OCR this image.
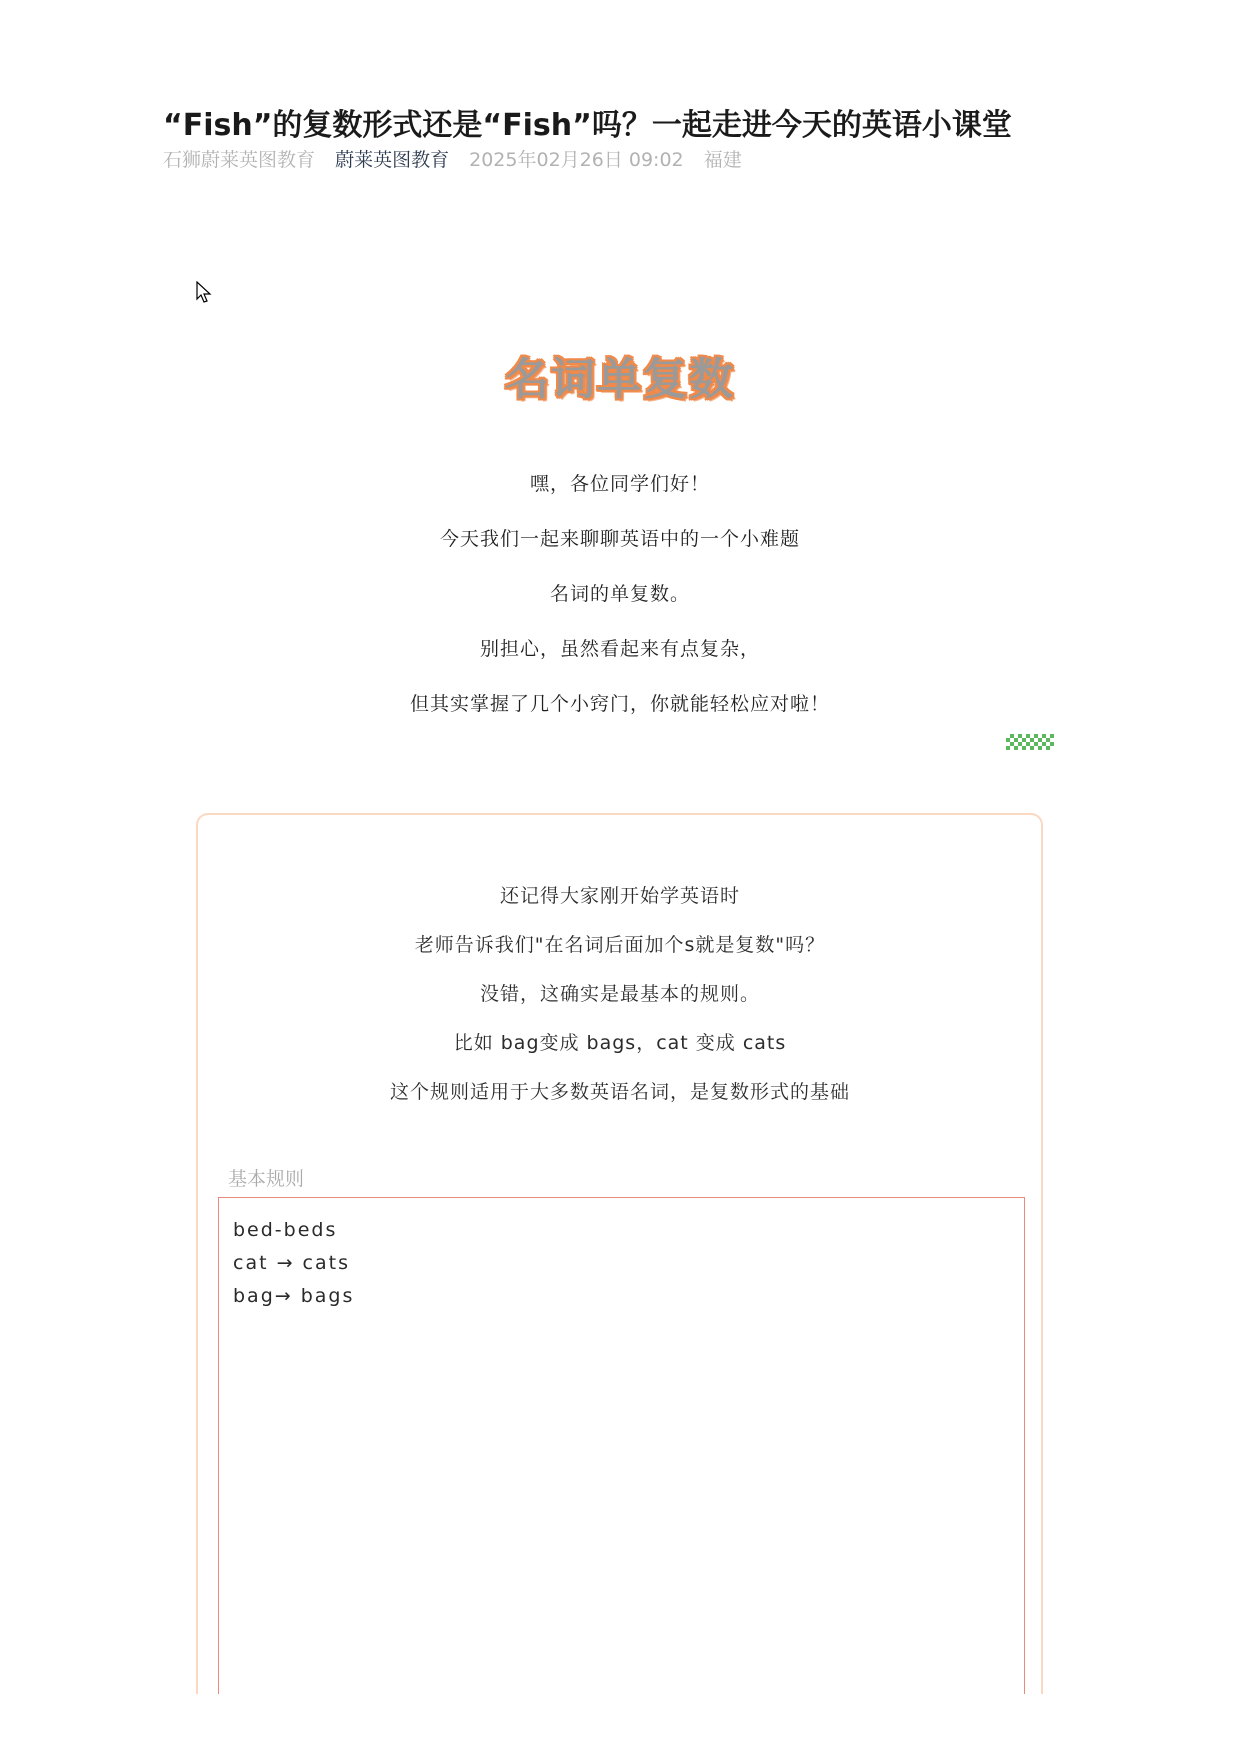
“Fish”的复数形式还是“Fish”吗？一起走进今天的英语小课堂
石狮蔚莱英图教育 蔚莱英图教育 2025年02月26日 09:02 福建
名词单复数

嘿，各位同学们好！

今天我们一起来聊聊英语中的一个小难题

名词的单复数。

别担心，虽然看起来有点复杂，

但其实掌握了几个小窍门，你就能轻松应对啦！

还记得大家刚开始学英语时

老师告诉我们"在名词后面加个s就是复数"吗？

没错，这确实是最基本的规则。

比如 bag变成 bags，cat 变成 cats

这个规则适用于大多数英语名词，是复数形式的基础

基本规则
bed-beds
cat → cats
bag→ bags
